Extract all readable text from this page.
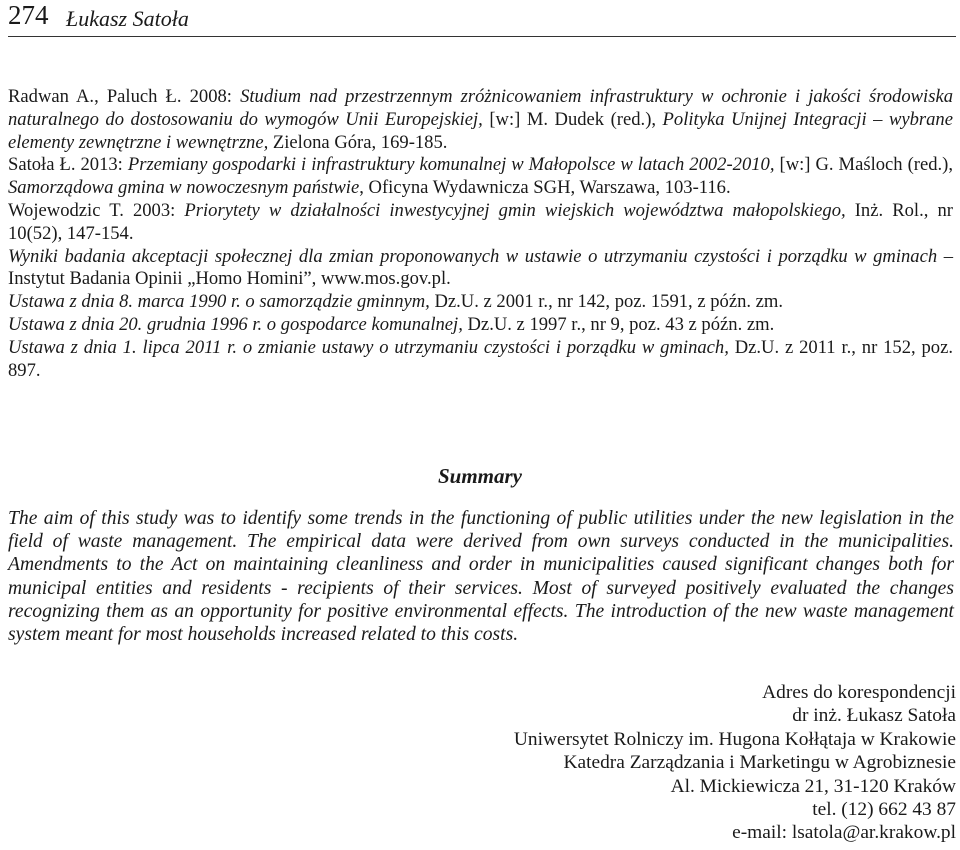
274 Łukasz Satoła

Radwan A., Paluch Ł. 2008: Studium nad przestrzennym zróżnicowaniem infrastruktury w ochronie i jakości środowiska naturalnego do dostosowaniu do wymogów Unii Europejskiej, [w:] M. Dudek (red.), Polityka Unijnej Integracji – wybrane elementy zewnętrzne i wewnętrzne, Zielona Góra, 169-185.

Satoła Ł. 2013: Przemiany gospodarki i infrastruktury komunalnej w Małopolsce w latach 2002-2010, [w:] G. Maśloch (red.), Samorządowa gmina w nowoczesnym państwie, Oficyna Wydawnicza SGH, Warszawa, 103-116.

Wojewodzic T. 2003: Priorytety w działalności inwestycyjnej gmin wiejskich województwa małopolskiego, Inż. Rol., nr 10(52), 147-154.

Wyniki badania akceptacji społecznej dla zmian proponowanych w ustawie o utrzymaniu czystości i porządku w gminach – Instytut Badania Opinii „Homo Homini”, www.mos.gov.pl.

Ustawa z dnia 8. marca 1990 r. o samorządzie gminnym, Dz.U. z 2001 r., nr 142, poz. 1591, z późn. zm.

Ustawa z dnia 20. grudnia 1996 r. o gospodarce komunalnej, Dz.U. z 1997 r., nr 9, poz. 43 z późn. zm.

Ustawa z dnia 1. lipca 2011 r. o zmianie ustawy o utrzymaniu czystości i porządku w gminach, Dz.U. z 2011 r., nr 152, poz. 897.

Summary

The aim of this study was to identify some trends in the functioning of public utilities under the new legislation in the field of waste management. The empirical data were derived from own surveys conducted in the municipalities. Amendments to the Act on maintaining cleanliness and order in municipalities caused significant changes both for municipal entities and residents - recipients of their services. Most of surveyed positively evaluated the changes recognizing them as an opportunity for positive environmental effects. The introduction of the new waste management system meant for most households increased related to this costs.

Adres do korespondencji
dr inż. Łukasz Satoła
Uniwersytet Rolniczy im. Hugona Kołłątaja w Krakowie
Katedra Zarządzania i Marketingu w Agrobiznesie
Al. Mickiewicza 21, 31-120 Kraków
tel. (12) 662 43 87
e-mail: lsatola@ar.krakow.pl
